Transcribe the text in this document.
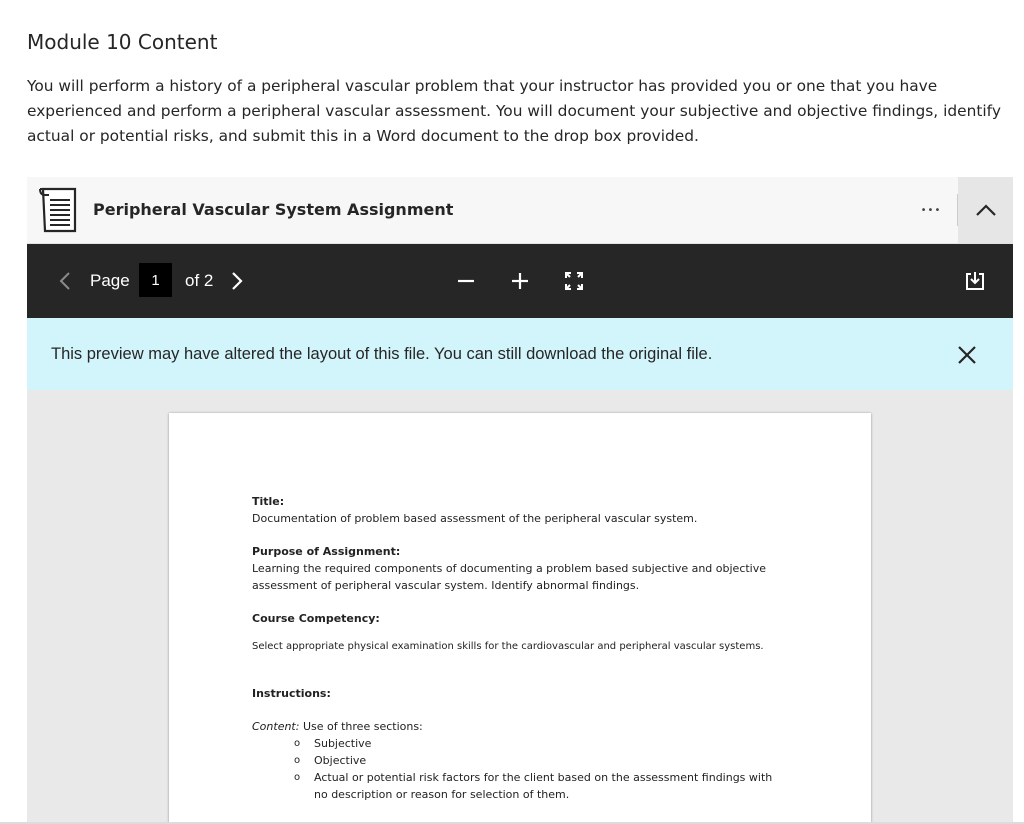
Module 10 Content

You will perform a history of a peripheral vascular problem that your instructor has provided you or one that you have experienced and perform a peripheral vascular assessment. You will document your subjective and objective findings, identify actual or potential risks, and submit this in a Word document to the drop box provided.

Peripheral Vascular System Assignment	•••
Page
1	of 2
This preview may have altered the layout of this file. You can still download the original file.
Title:
Documentation of problem based assessment of the peripheral vascular system.
Purpose of Assignment:
Learning the required components of documenting a problem based subjective and objective
assessment of peripheral vascular system. Identify abnormal findings.
Course Competency:
Select appropriate physical examination skills for the cardiovascular and peripheral vascular systems.
Instructions:
Content: Use of three sections:
o Subjective
o Objective
o Actual or potential risk factors for the client based on the assessment findings with
no description or reason for selection of them.
